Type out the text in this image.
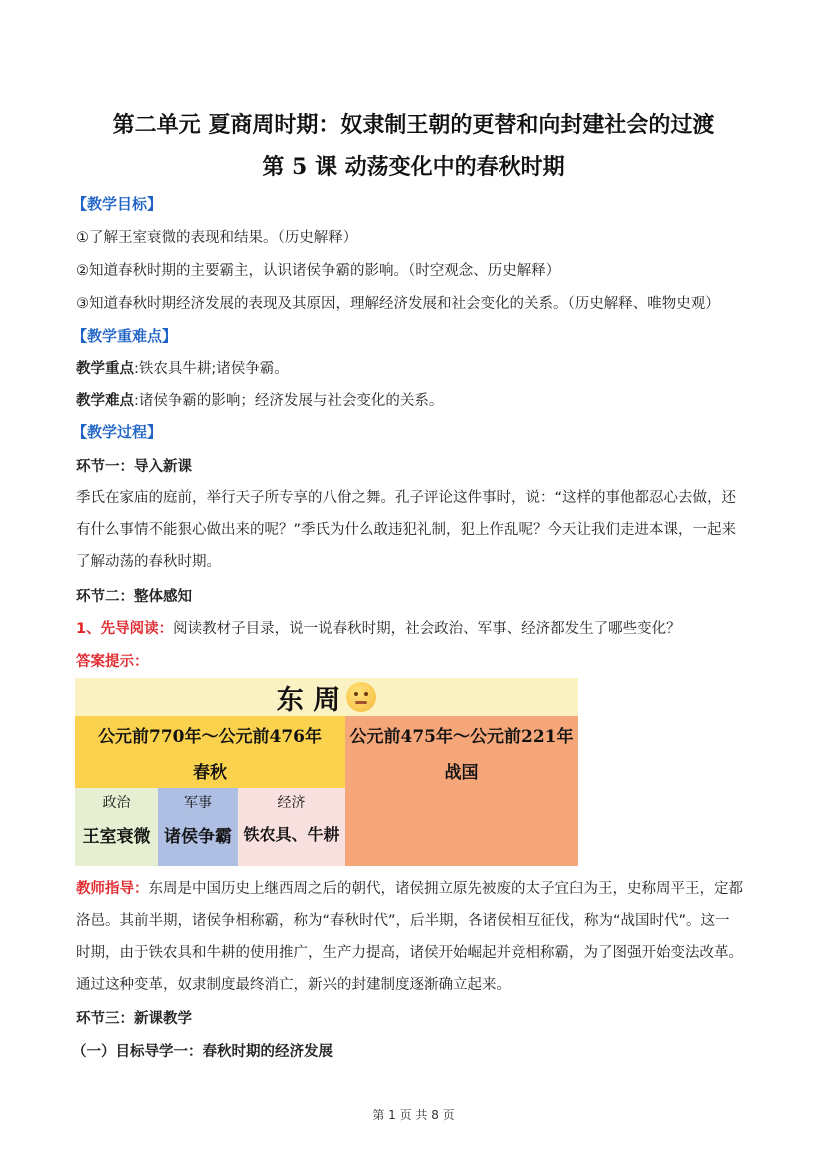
第二单元 夏商周时期：奴隶制王朝的更替和向封建社会的过渡
第 5 课 动荡变化中的春秋时期
【教学目标】
①了解王室衰微的表现和结果。（历史解释）
②知道春秋时期的主要霸主，认识诸侯争霸的影响。（时空观念、历史解释）
③知道春秋时期经济发展的表现及其原因，理解经济发展和社会变化的关系。（历史解释、唯物史观）
【教学重难点】
教学重点:铁农具牛耕;诸侯争霸。
教学难点:诸侯争霸的影响；经济发展与社会变化的关系。
【教学过程】
环节一：导入新课
季氏在家庙的庭前，举行天子所专享的八佾之舞。孔子评论这件事时，说：“这样的事他都忍心去做，还
有什么事情不能狠心做出来的呢？”季氏为什么敢违犯礼制，犯上作乱呢？今天让我们走进本课，一起来
了解动荡的春秋时期。
环节二：整体感知
1、先导阅读：阅读教材子目录，说一说春秋时期，社会政治、军事、经济都发生了哪些变化？
答案提示：
东 周
公元前770年～公元前476年
春秋
公元前475年～公元前221年
战国
政治
王室衰微
军事
诸侯争霸
经济
铁农具、牛耕
教师指导：东周是中国历史上继西周之后的朝代，诸侯拥立原先被废的太子宜臼为王，史称周平王，定都
洛邑。其前半期，诸侯争相称霸，称为“春秋时代”，后半期，各诸侯相互征伐，称为“战国时代”。这一
时期，由于铁农具和牛耕的使用推广，生产力提高，诸侯开始崛起并竞相称霸，为了图强开始变法改革。
通过这种变革，奴隶制度最终消亡，新兴的封建制度逐渐确立起来。
环节三：新课教学
（一）目标导学一：春秋时期的经济发展
第 1 页 共 8 页
